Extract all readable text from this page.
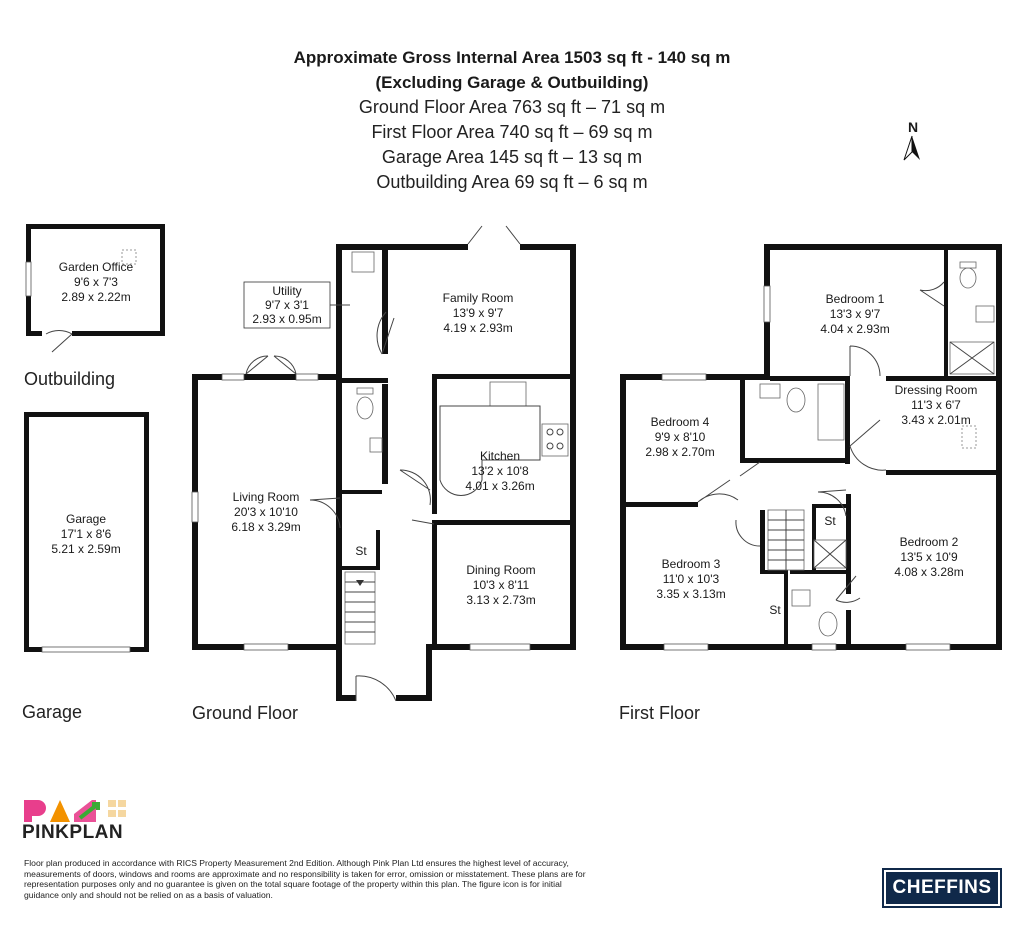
Approximate Gross Internal Area 1503 sq ft - 140 sq m
(Excluding Garage & Outbuilding)
Ground Floor Area 763 sq ft – 71 sq m
First Floor Area 740 sq ft – 69 sq m
Garage Area 145 sq ft – 13 sq m
Outbuilding Area 69 sq ft – 6 sq m
N
Garden Office
9'6 x 7'3
2.89 x 2.22m
Garage
17'1 x 8'6
5.21 x 2.59m
Utility
9'7 x 3'1
2.93 x 0.95m
Family Room
13'9 x 9'7
4.19 x 2.93m
Living Room
20'3 x 10'10
6.18 x 3.29m
Kitchen
13'2 x 10'8
4.01 x 3.26m
Dining Room
10'3 x 8'11
3.13 x 2.73m
St
Bedroom 1
13'3 x 9'7
4.04 x 2.93m
Dressing Room
11'3 x 6'7
3.43 x 2.01m
Bedroom 4
9'9 x 8'10
2.98 x 2.70m
Bedroom 3
11'0 x 10'3
3.35 x 3.13m
Bedroom 2
13'5 x 10'9
4.08 x 3.28m
St
St
Outbuilding
Garage	Ground Floor	First Floor
PINKPLAN
CHEFFINS
Floor plan produced in accordance with RICS Property Measurement 2nd Edition. Although Pink Plan Ltd ensures the highest level of accuracy, measurements of doors, windows and rooms are approximate and no responsibility is taken for error, omission or misstatement. These plans are for representation purposes only and no guarantee is given on the total square footage of the property within this plan. The figure icon is for initial guidance only and should not be relied on as a basis of valuation.
